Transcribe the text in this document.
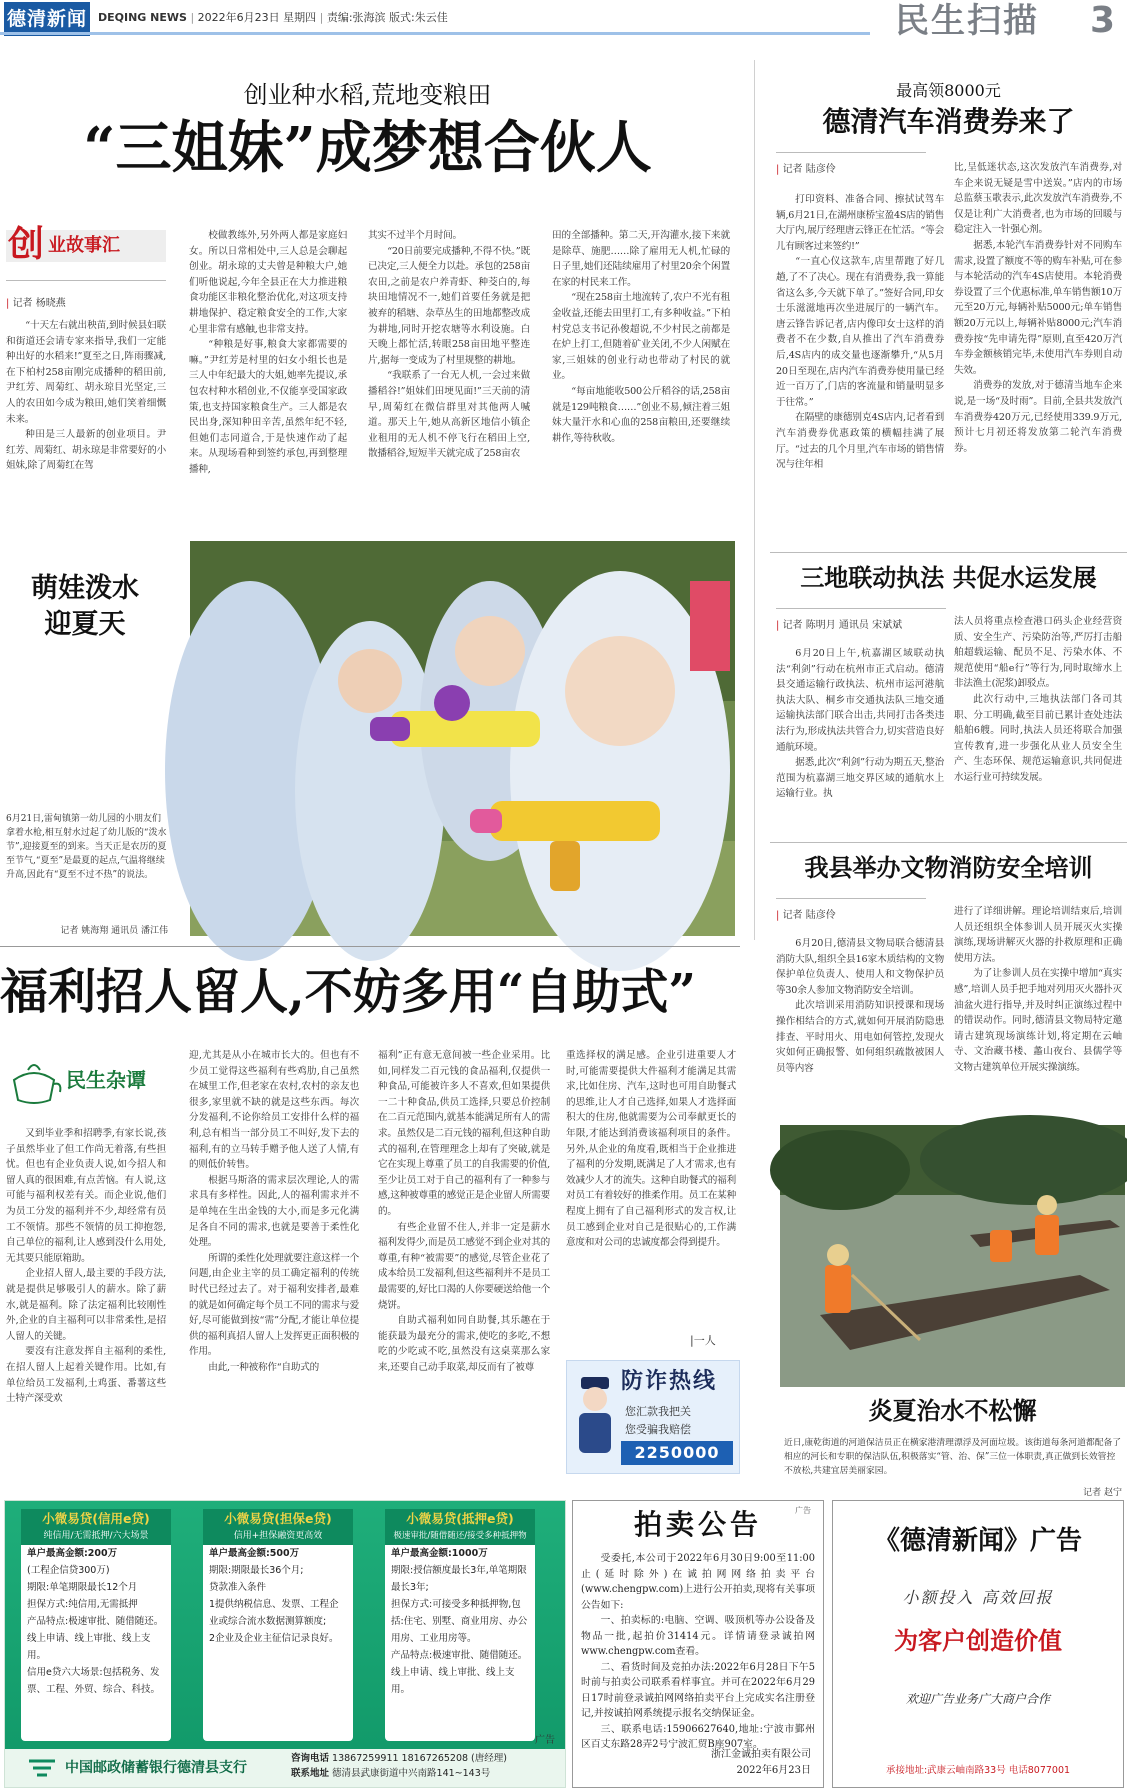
德清新闻 DEQING NEWS | 2022年6月23日 星期四 | 责编:张海滨 版式:朱云佳	民生扫描 3
创业种水稻,荒地变粮田
“三姐妹”成梦想合伙人
创 业故事汇
| 记者 杨晓燕

“十天左右就出秧苗,到时候县妇联和街道还会请专家来指导,我们一定能种出好的水稻来!”夏至之日,阵雨骤减,在下柏村258亩刚完成播种的稻田前,尹红芳、周菊红、胡永琼目光坚定,三人的农田如今成为粮田,她们笑着细慨未来。

种田是三人最新的创业项目。尹红芳、周菊红、胡永琼是非常要好的小姐妹,除了周菊红在驾

校做教练外,另外两人都是家庭妇女。所以日常相处中,三人总是会聊起创业。胡永琼的丈夫曾是种粮大户,她们听他说起,今年全县正在大力推进粮食功能区非粮化整治优化,对这项支持耕地保护、稳定粮食安全的工作,大家心里非常有感触,也非常支持。

“种粮是好事,粮食大家都需要的嘛。”尹红芳是村里的妇女小组长也是三人中年纪最大的大姐,她率先提议,承包农村种水稻创业,不仅能享受国家政策,也支持国家粮食生产。三人都是农民出身,深知种田辛苦,虽然年纪不轻,但她们志同道合,于是快速作动了起来。从现场看种到签约承包,再到整理播种,

其实不过半个月时间。

“20日前要完成播种,不得不快。”既已决定,三人便全力以赴。承包的258亩农田,之前是农户养青虾、种茭白的,每块田地情况不一,她们首要任务就是把被弃的稻塘、杂草丛生的田地都整改成为耕地,同时开挖农塘等水利设施。白天晚上都忙活,转眼258亩田地平整连片,据每一变成为了村里规整的耕地。

“我联系了一台无人机,一会过来做播稻谷!”姐妹们田埂见面!”三天前的清早,周菊红在微信群里对其他两人喊道。那天上午,她从高新区地信小镇企业租用的无人机不停飞行在稻田上空,散播稻谷,短短半天就完成了258亩农

田的全部播种。第二天,开沟灌水,接下来就是除草、施肥……除了雇用无人机,忙碌的日子里,她们还陆续雇用了村里20余个闲置在家的村民来工作。

“现在258亩土地流转了,农户不光有租金收益,还能去田里打工,有多种收益。”下柏村党总支书记孙俊超说,不少村民之前都是在炉上打工,但随着矿业关闭,不少人闲赋在家,三姐妹的创业行动也带动了村民的就业。

“每亩地能收500公斤稻谷的话,258亩就是129吨粮食……”创业不易,倾注着三姐妹大量汗水和心血的258亩粮田,还要继续耕作,等待秋收。

萌娃泼水
迎夏天
6月21日,雷甸镇第一幼儿园的小朋友们拿着水枪,相互射水过起了幼儿版的“泼水节”,迎接夏至的到来。当天正是农历的夏至节气,“夏至”是最夏的起点,气温将继续升高,因此有“夏至不过不热”的说法。
记者 姚海翔 通讯员 潘江伟
福利招人留人,不妨多用“自助式”
民生杂谭

又到毕业季和招聘季,有家长说,孩子虽然毕业了但工作尚无着落,有些担忧。但也有企业负责人说,如今招人和留人真的很困难,有点苦恼。有人说,这可能与福利权差有关。而企业说,他们为员工分发的福利并不少,却经常有员工不领情。那些不领情的员工抑抱怨,自己单位的福利,让人感到没什么用处,无其要只能原箱助。

企业招人留人,最主要的手段方法,就是提供足够吸引人的薪水。除了薪水,就是福利。除了法定福利比较刚性外,企业的自主福利可以非常柔性,是招人留人的关键。

要沒有注意发挥自主福利的柔性,在招人留人上起着关键作用。比如,有单位给员工发福利,土鸡蛋、番薯这些土特产深受欢

迎,尤其是从小在城市长大的。但也有不少员工觉得这些福利有些鸡肋,自己虽然在城里工作,但老家在农村,农村的亲友也很多,家里就不缺的就是这些东西。每次分发福利,不论你给员工安排什么样的福利,总有相当一部分员工不叫好,发下去的福利,有的立马转手赠予他人送了人情,有的则低价转售。

根据马斯洛的需求层次理论,人的需求具有多样性。因此,人的福利需求并不是单纯在生出金钱的大小,而是多元化满足各自不同的需求,也就是要善于柔性化处理。

所谓的柔性化处理就要注意这样一个问题,由企业主宰的员工确定福利的传统时代已经过去了。对于福利安排者,最难的就是如何确定每个员工不同的需求与爱好,尽可能做到按“需”分配,才能让单位提供的福利真招人留人上发挥更正面积极的作用。

由此,一种被称作“自助式的

福利”正有意无意间被一些企业采用。比如,同样发二百元钱的食品福利,仅提供一种食品,可能被许多人不喜欢,但如果提供一二十种食品,供员工选择,只要总价控制在二百元范围内,就基本能满足所有人的需求。虽然仅是二百元钱的福利,但这种自助式的福利,在管理理念上却有了突破,就是它在实现上尊重了员工的自我需要的价值,至少让员工对于自己的福利有了一种参与感,这种被尊重的感觉正是企业留人所需要的。

有些企业留不住人,并非一定是薪水福利发得少,而是员工感觉不到企业对其的尊重,有种“被需要”的感觉,尽管企业花了成本给员工发福利,但这些福利并不是员工最需要的,好比口渴的人你要硬送给他一个烧饼。

自助式福利如同自助餐,其乐趣在于能获最为最充分的需求,使吃的多吃,不想吃的少吃或不吃,虽然没有这桌菜那么家来,还要自己动手取菜,却反而有了被尊

重选择权的满足感。企业引进重要人才时,可能需要提供大件福利才能满足其需求,比如住房、汽车,这时也可用自助餐式的思维,让人才自己选择,如果人才选择面积大的住房,他就需要为公司奉献更长的年限,才能达到消费该福利项目的条件。另外,从企业的角度看,既相当于企业推进了福利的分发期,既满足了人才需求,也有效减少人才的流失。这种自助餐式的福利对员工有着较好的推柔作用。员工在某种程度上拥有了自己福利形式的发言权,让员工感到企业对自己是很贴心的,工作满意度和对公司的忠诚度都会得到提升。

|一人
防诈热线
您汇款我把关
您受骗我赔偿
2250000
最高领8000元
德清汽车消费券来了
| 记者 陆彦伶

打印资料、准备合同、擦拭试驾车辆,6月21日,在湖州康桥宝盈4S店的销售大厅内,展厅经理唐云锋正在忙活。“等会儿有顾客过来签约!”

“一直心仪这款车,店里帮跑了好几趟,了不了决心。现在有消费券,我一算能省这么多,今天就下单了。”签好合同,印女士乐滋滋地再次坐进展厅的一辆汽车。唐云锋告诉记者,店内像印女士这样的消费者不在少数,自从推出了汽车消费券后,4S店内的成交量也逐渐攀升,“从5月20日至现在,店内汽车消费券使用量已经近一百万了,门店的客流量和销量明显多于往常。”

在隔壁的康德别克4S店内,记者看到汽车消费券优惠政策的横幅挂满了展厅。“过去的几个月里,汽车市场的销售情况与往年相

比,呈低迷状态,这次发放汽车消费券,对车企来说无疑是雪中送炭。”店内的市场总监蔡玉歌表示,此次发放汽车消费券,不仅是让利广大消费者,也为市场的回暖与稳定注入一针强心剂。

据悉,本轮汽车消费券针对不同购车需求,设置了额度不等的购车补贴,可在参与本轮活动的汽车4S店使用。本轮消费券设置了三个优惠标准,单车销售额10万元至20万元,每辆补贴5000元;单车销售额20万元以上,每辆补贴8000元;汽车消费券按“先申请先得”原则,直至420万汽车券金额核销完毕,未使用汽车券则自动失效。

消费券的发放,对于德清当地车企来说,是一场“及时雨”。目前,全县共发放汽车消费券420万元,已经使用339.9万元,预计七月初还将发放第二轮汽车消费券。

三地联动执法 共促水运发展
| 记者 陈明月 通讯员 宋斌斌

6月20日上午,杭嘉湖区域联动执法“利剑”行动在杭州市正式启动。德清县交通运输行政执法、杭州市运河港航执法大队、桐乡市交通执法队三地交通运输执法部门联合出击,共同打击各类违法行为,形成执法共管合力,切实营造良好通航环境。

据悉,此次“利剑”行动为期五天,整治范围为杭嘉湖三地交界区域的通航水上运输行业。执

法人员将重点检查港口码头企业经营资质、安全生产、污染防治等,严厉打击船舶超载运输、配员不足、污染水体、不规范使用“船e行”等行为,同时取缔水上非法渔土(泥浆)卸驳点。

此次行动中,三地执法部门各司其职、分工明确,截至目前已累计查处违法船舶6艘。同时,执法人员还将联合加强宣传教育,进一步强化从业人员安全生产、生态环保、规范运输意识,共同促进水运行业可持续发展。

我县举办文物消防安全培训
| 记者 陆彦伶

6月20日,德清县文物局联合德清县消防大队,组织全县16家木质结构的文物保护单位负责人、使用人和文物保护员等30余人参加文物消防安全培训。

此次培训采用消防知识授课和现场操作相结合的方式,就如何开展消防隐患排查、平时用火、用电如何管控,发现火灾如何正确报警、如何组织疏散被困人员等内容

进行了详细讲解。理论培训结束后,培训人员还组织全体参训人员开展灭火实操演练,现场讲解灭火器的扑救原理和正确使用方法。

为了让参训人员在实操中增加“真实感”,培训人员手把手地对列用灭火器扑灭油盆火进行指导,并及时纠正演练过程中的错误动作。同时,德清县文物局特定邀请古建筑现场演练计划,将定期在云岫寺、文治藏书楼、蠡山夜台、县儒学等文物古建筑单位开展实操演练。

炎夏治水不松懈
近日,康乾街道的河道保洁员正在横家港清理漂浮及河面垃圾。该街道每条河道都配备了相应的河长和专职的保洁队伍,积极落实“管、治、保”三位一体职责,真正做到长效管控不放松,共建宜居美丽家园。
记者 赵宁
小微易贷(信用e贷)
纯信用/无需抵押/六大场景
单户最高金额:200万
(工程企信贷300万)
期限:单笔期限最长12个月
担保方式:纯信用,无需抵押
产品特点:极速审批、随借随还。线上申请、线上审批、线上支用。
信用e贷六大场景:包括税务、发票、工程、外贸、综合、科技。
小微易贷(担保e贷)
信用+担保融资更高效
单户最高金额:500万
期限:期限最长36个月;
贷款准入条件
1提供纳税信息、发票、工程企业或综合流水数据测算额度;
2企业及企业主征信记录良好。
小微易贷(抵押e贷)
极速审批/随借随还/接受多种抵押物
单户最高金额:1000万
期限:授信额度最长3年,单笔期限最长3年;
担保方式:可接受多种抵押物,包括:住宅、别墅、商业用房、办公用房、工业用房等。
产品特点:极速审批、随借随还。线上申请、线上审批、线上支用。
广告
中国邮政储蓄银行德清县支行
咨询电话 13867259911 18167265208 (唐经理)
联系地址 德清县武康街道中兴南路141~143号
拍卖公告	广告
受委托,本公司于2022年6月30日9:00至11:00止(延时除外)在诚拍网网络拍卖平台(www.chengpw.com)上进行公开拍卖,现将有关事项公告如下:
一、拍卖标的:电脑、空调、吸顶机等办公设备及物品一批,起拍价31414元。详情请登录诚拍网www.chengpw.com查看。
二、看货时间及竞拍办法:2022年6月28日下午5时前与拍卖公司联系看样事宜。并可在2022年6月29日17时前登录诚拍网网络拍卖平台上完成实名注册登记,并按诚拍网系统提示报名交纳保证金。
三、联系电话:15906627640,地址:宁波市鄞州区百丈东路28弄2号宁波汇贸B座907室。
浙江金诚拍卖有限公司
2022年6月23日
《德清新闻》广告
小额投入 高效回报
为客户创造价值
欢迎广告业务广大商户合作
承接地址:武康云岫南路33号 电话8077001
